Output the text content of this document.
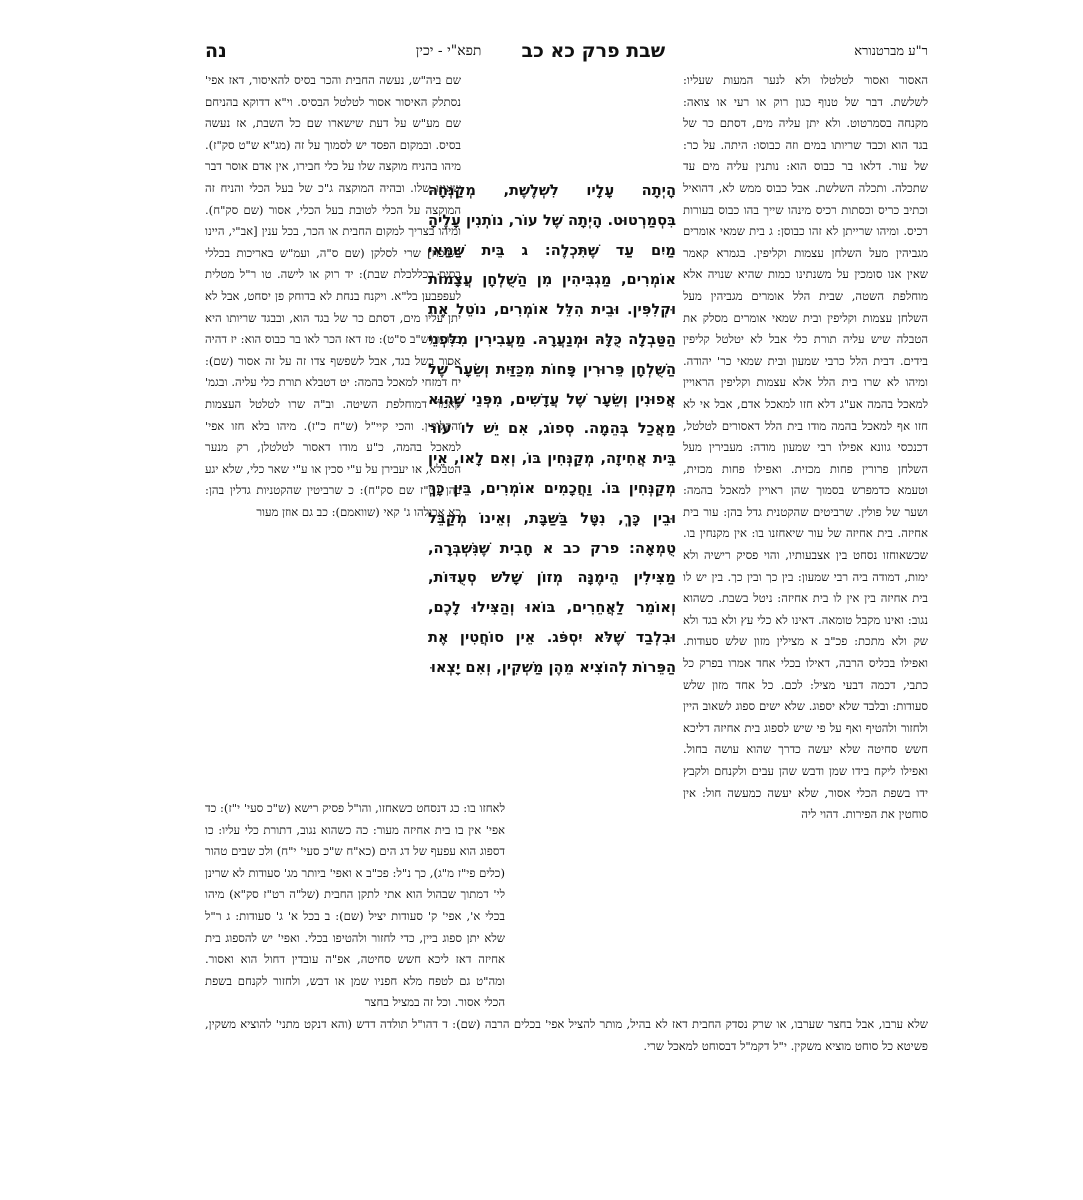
ר"ע מברטנורא
שבת פרק כא כב
תפא"י - יכין
נה
האסור ואסור לטלטלו ולא לנער המעות שעליו: לשלשת. דבר של טנוף כגון רוק או רעי או צואה: מקנחה בסמרטוט. ולא יתן עליה מים, דסתם כר של בגד הוא וכבד שריותו במים וזה כבוסו: היתה. על כר: של עור. דלאו בר כבוס הוא: נותנין עליה מים עד שתכלה. ותכלה השלשת. אבל כבוס ממש לא, דהואיל וכתיב כריס וכסתות רכיס מינהו שייך בהו כבוס בעורות רכיס. ומיהו שרייתן לא זהו כבוסן: ג בית שמאי אומרים מגביהין מעל השלחן עצמות וקליפין. בגמרא קאמר שאין אנו סומכין על משנתינו כמות שהיא שנויה אלא מוחלפת השטה, שבית הלל אומרים מגביהין מעל השלחן עצמות וקליפין ובית שמאי אומרים מסלק את הטבלה שיש עליה תורת כלי אבל לא יטלטל קליפין בידים. דבית הלל כרבי שמעון ובית שמאי כר' יהודה. ומיהו לא שרו בית הלל אלא עצמות וקליפין הראויין למאכל בהמה אע"ג דלא חזו למאכל אדם, אבל אי לא חזו אף למאכל בהמה מודו בית הלל דאסורים לטלטל, דכנכסי גוונא אפילו רבי שמעון מודה: מעבירין מעל השלחן פרורין פחות מכזית. ואפילו פחות מכזית, וטעמא כדמפרש בסמוך שהן ראויין למאכל בהמה: ושער של פולין. שרביטים שהקטנית גדל בהן: עור בית אחיזה. בית אחיזה של עור שיאחזנו בו: אין מקנחין בו. שכשאוחזו נסחט בין אצבעותיו, והוי פסיק רישיה ולא ימות, דמודה ביה רבי שמעון: בין כך ובין כך. בין יש לו בית אחיזה בין אין לו בית אחיזה: ניטל בשבת. כשהוא נגוב: ואינו מקבל טומאה. דאינו לא כלי עץ ולא בגד ולא שק ולא מתכת: פכ"ב א מצילין מזון שלש סעודות. ואפילו בכליס הרבה, דאילו בכלי אחד אמרו בפרק כל כתבי, דכמה דבעי מציל: לכם. כל אחד מזון שלש סעודות: ובלבד שלא יספוג. שלא ישים ספוג לשאוב היין ולחזור ולהטיף ואף על פי שיש לספוג בית אחיזה דליכא חשש סחיטה שלא יעשה כדרך שהוא עושה בחול. ואפילו ליקח בידו שמן ודבש שהן עבים ולקנחם ולקבץ ידו בשפת הכלי אסור, שלא יעשה כמעשה חול: אין סוחטין את הפירות. דהוי ליה
שם ביה"ש, נעשה החבית והכר בסיס להאיסור, דאז אפי' נסתלק האיסור אסור לטלטל הבסיס. וי"א דדוקא בהניחם שם מע"ש על דעת שישארו שם כל השבת, אז נעשה בסיס. ובמקום הפסד יש לסמוך על זה (מג"א ש"ט סק"ז). מיהו בהניח מוקצה שלו על כלי חבירו, אין אדם אוסר דבר שאינו שלו. ובהיה המוקצה ג"כ של בעל הכלי והניח זה המוקצה על הכלי לטובת בעל הכלי, אסור (שם סק"ח). ומיהו בצריך למקום החבית או הכר, בכל ענין [אב"י, היינו בשוכח] שרי לסלקן (שם ס"ה, ועמ"ש באריכות בכללי בסיס בכללכלת שבת): יד רוק או לישה. טו ר"ל מטלית לעפפבען בל"א. ויקנח בנחת לא בדוחק פן יסחט, אבל לא יתן עליו מים, דסתם כר של בגד הוא, ובבגד שריותו היא כבוסו (ש"ב ס"ט): טז דאז הכר לאו בר כבוס הוא: יז דהיה אסור בשל בגד, אבל לשפשף צדו זה על זה אסור (שם): יח דמזחי למאכל בהמה: יט דטבלא תורת כלי עליה. ובגמ' קאמר דמוחלפת השיטה. וב"ה שרו לטלטל העצמות והקליפין. והכי קיי"ל (ש"ח כ"ז). מיהו בלא חזו אפי' למאכל בהמה, כ"ע מודו דאסור לטלטלן, רק מנער הטבלא, או יעבירן על ע"י סכין או ע"י שאר כלי, שלא יגע בהן (ט"ז שם סק"ח): כ שרביטין שהקטניות גדלין בהן: כא אכולהו ג' קאי (שוואמם): כב גם אוזן מעור
הָיְתָה עָלָיו לִשְׁלֶשֶׁת, מְקַנְּחָהּ בִּסְמַרְטוּט. הָיְתָה שֶׁל עוֹר, נוֹתְנִין עָלֶיהָ מַיִם עַד שֶׁתִּכְלֶה: ג בֵּית שַׁמַּאי אוֹמְרִים, מַגְבִּיהִין מִן הַשֻּׁלְחָן עֲצָמוֹת וּקְלִפִּין. וּבֵית הִלֵּל אוֹמְרִים, נוֹטֵל אֶת הַטַּבְלָה כֻּלָּהּ וּמְנַעֲרָהּ. מַעֲבִירִין מִלִּפְנֵי הַשֻּׁלְחָן פֵּרוּרִין פָּחוֹת מִכַּזַּיִת וְשֵׂעָר שֶׁל אֲפוּנִין וְשֵׂעָר שֶׁל עֲדָשִׁים, מִפְּנֵי שֶׁהוּא מַאֲכַל בְּהֵמָה. סְפוֹג, אִם יֵשׁ לוֹ עוֹר בֵּית אֲחִיזָה, מְקַנְּחִין בּוֹ, וְאִם לָאו, אֵין מְקַנְּחִין בּוֹ. וַחֲכָמִים אוֹמְרִים, בֵּין כָּךְ וּבֵין כָּךְ, נִטָּל בַּשַּׁבָּת, וְאֵינוֹ מְקַבֵּל טֻמְאָה: פרק כב א חָבִית שֶׁנִּשְׁבְּרָה, מַצִּילִין הֵימֶנָּה מְזוֹן שָׁלֹשׁ סְעֻדּוֹת, וְאוֹמֵר לַאֲחֵרִים, בּוֹאוּ וְהַצִּילוּ לָכֶם, וּבִלְבַד שֶׁלֹּא יִסְפֹּג. אֵין סוֹחֲטִין אֶת הַפֵּרוֹת לְהוֹצִיא מֵהֶן מַשְׁקִין, וְאִם יָצְאוּ
לאחזו בו: כג דנסחט כשאחזו, והו"ל פסיק רישא (ש"כ סעי' י"ז): כד אפי' אין בו בית אחיזה מעור: כה כשהוא נגוב, דתורת כלי עליו: כו דספוג הוא עפעף של דג הים (כא"ח ש"כ סעי' י"ח) ולכ שבים טהור (כלים פי"ז מ"ג), כך נ"ל: פכ"ב א ואפי' ביותר מג' סעודות לא שרינן לי' דמתוך שבהול הוא אתי לתקן החבית (של"ה רט"ז סק"א) מיהו בכלי א', אפי' ק' סעודות יציל (שם): ב בכל א' ג' סעודות: ג ר"ל שלא יתן ספוג ביין, כדי לחזור ולהטיפו בכלי. ואפי' יש להספוג בית אחיזה דאז ליכא חשש סחיטה, אפ"ה עובדין דחול הוא ואסור. ומה"ט גם לטפח מלא חפניו שמן או דבש, ולחזור לקנחם בשפת הכלי אסור. וכל זה במציל בחצר
שלא ערבו, אבל בחצר שערבו, או שרק נסדק החבית דאז לא בהיל, מותר להציל אפי' בכלים הרבה (שם): ד דהו"ל תולדה דדש (והא דנקט מתני' להוציא משקין, פשיטא כל סוחט מוציא משקין. י"ל דקמ"ל דבסוחט למאכל שרי.
